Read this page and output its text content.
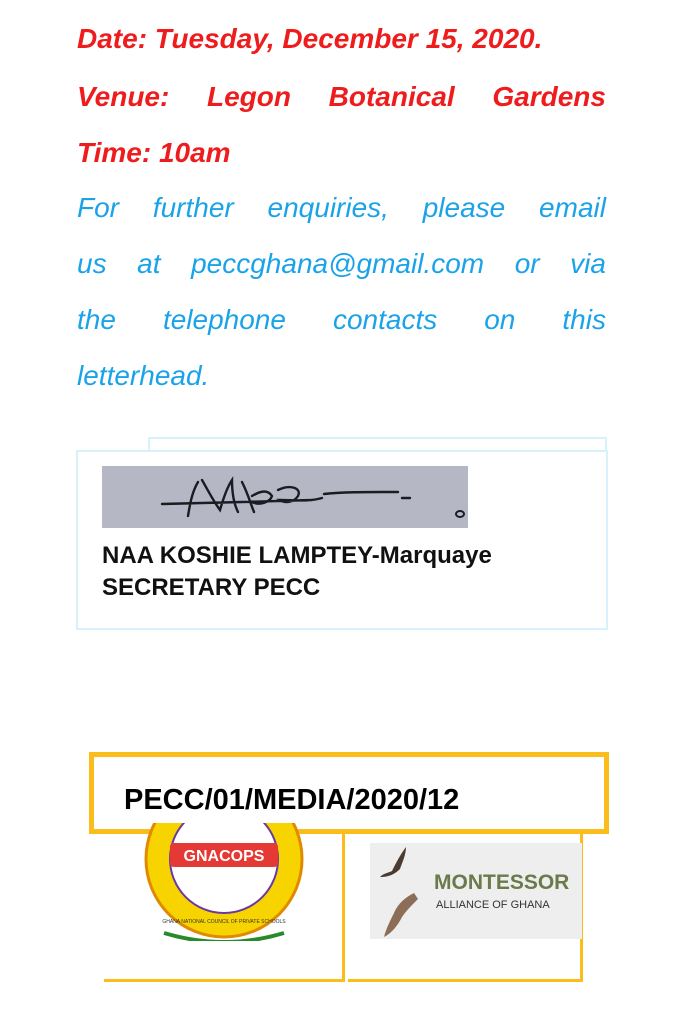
Date: Tuesday, December 15, 2020.

Venue: Legon Botanical Gardens

Time: 10am

For further enquiries, please email

us at peccghana@gmail.com or via

the telephone contacts on this

letterhead.

NAA KOSHIE LAMPTEY-Marquaye
SECRETARY PECC

PECC/01/MEDIA/2020/12
GNACOPS
GHANA NATIONAL COUNCIL OF PRIVATE SCHOOLS
MONTESSOR
ALLIANCE OF GHANA
